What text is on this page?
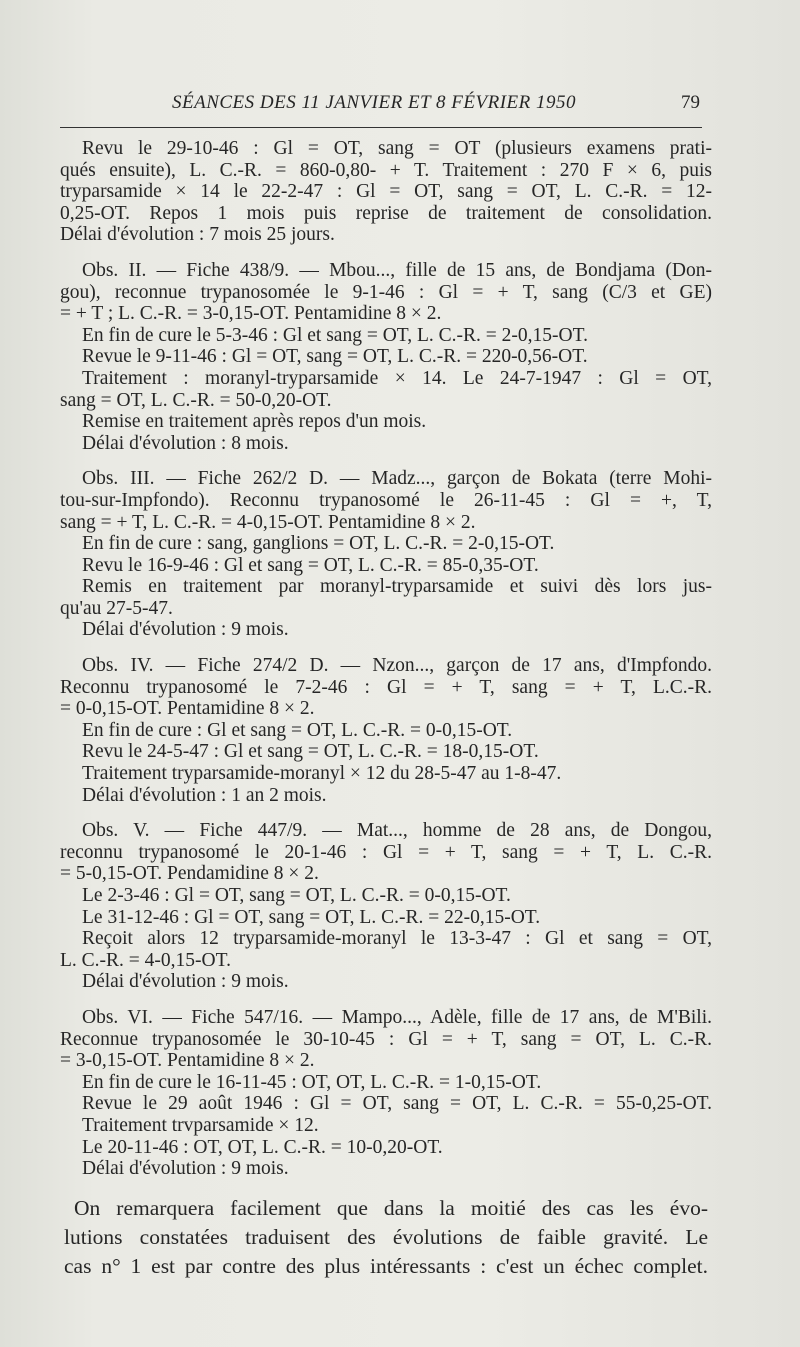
SÉANCES DES 11 JANVIER ET 8 FÉVRIER 1950	79
Revu le 29-10-46 : Gl = OT, sang = OT (plusieurs examens prati-
qués ensuite), L. C.-R. = 860-0,80- + T. Traitement : 270 F × 6, puis
tryparsamide × 14 le 22-2-47 : Gl = OT, sang = OT, L. C.-R. = 12-
0,25-OT. Repos 1 mois puis reprise de traitement de consolidation.
Délai d'évolution : 7 mois 25 jours.
Obs. II. — Fiche 438/9. — Mbou..., fille de 15 ans, de Bondjama (Don-
gou), reconnue trypanosomée le 9-1-46 : Gl = + T, sang (C/3 et GE)
= + T ; L. C.-R. = 3-0,15-OT. Pentamidine 8 × 2.
En fin de cure le 5-3-46 : Gl et sang = OT, L. C.-R. = 2-0,15-OT.
Revue le 9-11-46 : Gl = OT, sang = OT, L. C.-R. = 220-0,56-OT.
Traitement : moranyl-tryparsamide × 14. Le 24-7-1947 : Gl = OT,
sang = OT, L. C.-R. = 50-0,20-OT.
Remise en traitement après repos d'un mois.
Délai d'évolution : 8 mois.
Obs. III. — Fiche 262/2 D. — Madz..., garçon de Bokata (terre Mohi-
tou-sur-Impfondo). Reconnu trypanosomé le 26-11-45 : Gl = +, T,
sang = + T, L. C.-R. = 4-0,15-OT. Pentamidine 8 × 2.
En fin de cure : sang, ganglions = OT, L. C.-R. = 2-0,15-OT.
Revu le 16-9-46 : Gl et sang = OT, L. C.-R. = 85-0,35-OT.
Remis en traitement par moranyl-tryparsamide et suivi dès lors jus-
qu'au 27-5-47.
Délai d'évolution : 9 mois.
Obs. IV. — Fiche 274/2 D. — Nzon..., garçon de 17 ans, d'Impfondo.
Reconnu trypanosomé le 7-2-46 : Gl = + T, sang = + T, L.C.-R.
= 0-0,15-OT. Pentamidine 8 × 2.
En fin de cure : Gl et sang = OT, L. C.-R. = 0-0,15-OT.
Revu le 24-5-47 : Gl et sang = OT, L. C.-R. = 18-0,15-OT.
Traitement tryparsamide-moranyl × 12 du 28-5-47 au 1-8-47.
Délai d'évolution : 1 an 2 mois.
Obs. V. — Fiche 447/9. — Mat..., homme de 28 ans, de Dongou,
reconnu trypanosomé le 20-1-46 : Gl = + T, sang = + T, L. C.-R.
= 5-0,15-OT. Pendamidine 8 × 2.
Le 2-3-46 : Gl = OT, sang = OT, L. C.-R. = 0-0,15-OT.
Le 31-12-46 : Gl = OT, sang = OT, L. C.-R. = 22-0,15-OT.
Reçoit alors 12 tryparsamide-moranyl le 13-3-47 : Gl et sang = OT,
L. C.-R. = 4-0,15-OT.
Délai d'évolution : 9 mois.
Obs. VI. — Fiche 547/16. — Mampo..., Adèle, fille de 17 ans, de M'Bili.
Reconnue trypanosomée le 30-10-45 : Gl = + T, sang = OT, L. C.-R.
= 3-0,15-OT. Pentamidine 8 × 2.
En fin de cure le 16-11-45 : OT, OT, L. C.-R. = 1-0,15-OT.
Revue le 29 août 1946 : Gl = OT, sang = OT, L. C.-R. = 55-0,25-OT.
Traitement trvparsamide × 12.
Le 20-11-46 : OT, OT, L. C.-R. = 10-0,20-OT.
Délai d'évolution : 9 mois.
On remarquera facilement que dans la moitié des cas les évo-
lutions constatées traduisent des évolutions de faible gravité. Le
cas n° 1 est par contre des plus intéressants : c'est un échec complet.
